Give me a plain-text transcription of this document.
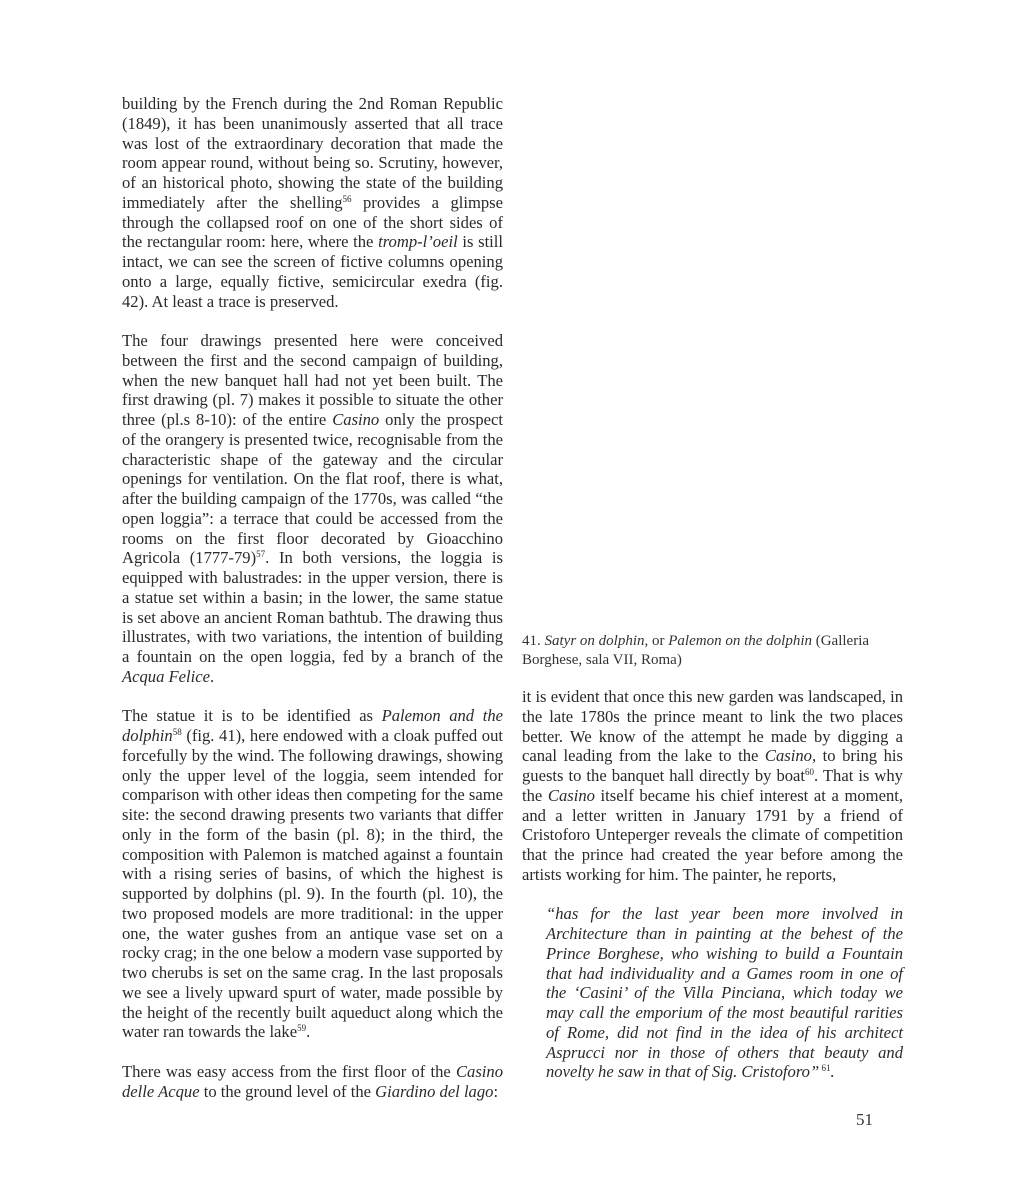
building by the French during the 2nd Roman Republic (1849), it has been unanimously asserted that all trace was lost of the extraordinary decoration that made the room appear round, without being so. Scrutiny, however, of an historical photo, showing the state of the building immediately after the shelling$^{56}$ provides a glimpse through the collapsed roof on one of the short sides of the rectangular room: here, where the tromp-l’oeil is still intact, we can see the screen of fictive columns opening onto a large, equally fictive, semicircular exedra (fig. 42). At least a trace is preserved.

The four drawings presented here were conceived between the first and the second campaign of building, when the new banquet hall had not yet been built. The first drawing (pl. 7) makes it possible to situate the other three (pl.s 8-10): of the entire Casino only the prospect of the orangery is presented twice, recognisable from the characteristic shape of the gateway and the circular openings for ventilation. On the flat roof, there is what, after the building campaign of the 1770s, was called “the open loggia”: a terrace that could be accessed from the rooms on the first floor decorated by Gioacchino Agricola (1777-79)$^{57}$. In both versions, the loggia is equipped with balustrades: in the upper version, there is a statue set within a basin; in the lower, the same statue is set above an ancient Roman bathtub. The drawing thus illustrates, with two variations, the intention of building a fountain on the open loggia, fed by a branch of the Acqua Felice.

The statue it is to be identified as Palemon and the dolphin$^{58}$ (fig. 41), here endowed with a cloak puffed out forcefully by the wind. The following drawings, showing only the upper level of the loggia, seem intended for comparison with other ideas then competing for the same site: the second drawing presents two variants that differ only in the form of the basin (pl. 8); in the third, the composition with Palemon is matched against a fountain with a rising series of basins, of which the highest is supported by dolphins (pl. 9). In the fourth (pl. 10), the two proposed models are more traditional: in the upper one, the water gushes from an antique vase set on a rocky crag; in the one below a modern vase supported by two cherubs is set on the same crag. In the last proposals we see a lively upward spurt of water, made possible by the height of the recently built aqueduct along which the water ran towards the lake$^{59}$.

There was easy access from the first floor of the Casino delle Acque to the ground level of the Giardino del lago:

41. Satyr on dolphin, or Palemon on the dolphin (Galleria Borghese, sala VII, Roma)

it is evident that once this new garden was landscaped, in the late 1780s the prince meant to link the two places better. We know of the attempt he made by digging a canal leading from the lake to the Casino, to bring his guests to the banquet hall directly by boat$^{60}$. That is why the Casino itself became his chief interest at a moment, and a letter written in January 1791 by a friend of Cristoforo Unteperger reveals the climate of competition that the prince had created the year before among the artists working for him. The painter, he reports,

“has for the last year been more involved in Architecture than in painting at the behest of the Prince Borghese, who wishing to build a Fountain that had individuality and a Games room in one of the ‘Casini’ of the Villa Pinciana, which today we may call the emporium of the most beautiful rarities of Rome, did not find in the idea of his architect Asprucci nor in those of others that beauty and novelty he saw in that of Sig. Cristoforo” $^{61}$.

51
